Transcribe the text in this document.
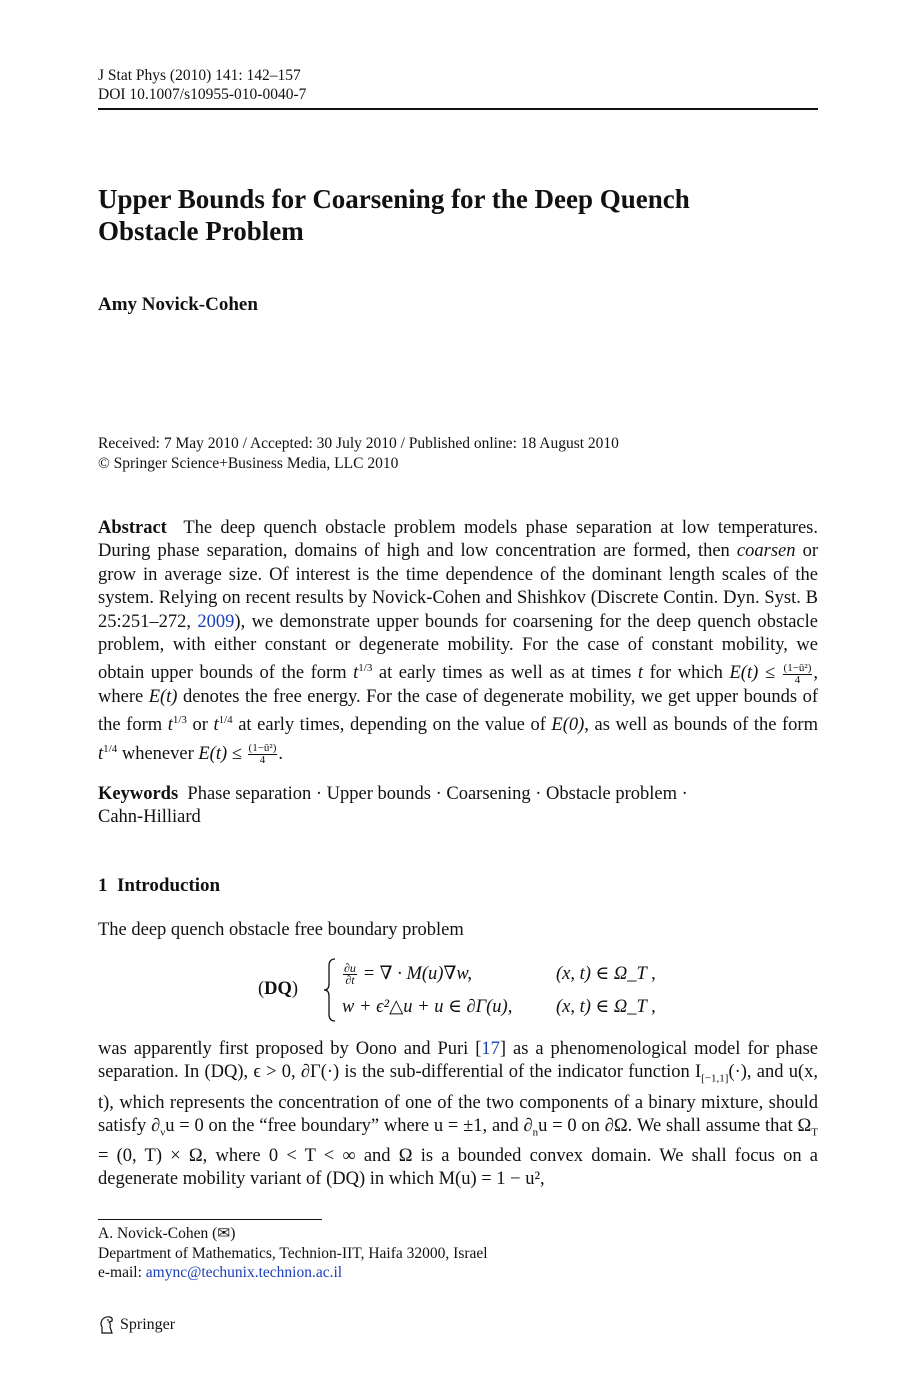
J Stat Phys (2010) 141: 142–157
DOI 10.1007/s10955-010-0040-7
Upper Bounds for Coarsening for the Deep Quench
Obstacle Problem
Amy Novick-Cohen
Received: 7 May 2010 / Accepted: 30 July 2010 / Published online: 18 August 2010
© Springer Science+Business Media, LLC 2010
Abstract The deep quench obstacle problem models phase separation at low temperatures. During phase separation, domains of high and low concentration are formed, then coarsen or grow in average size. Of interest is the time dependence of the dominant length scales of the system. Relying on recent results by Novick-Cohen and Shishkov (Discrete Contin. Dyn. Syst. B 25:251–272, 2009), we demonstrate upper bounds for coarsening for the deep quench obstacle problem, with either constant or degenerate mobility. For the case of constant mobility, we obtain upper bounds of the form $t^{1/3}$ at early times as well as at times t for which $E(t) \le \frac{\text{(1−ū²)}}{4}$ , where E(t) denotes the free energy. For the case of degenerate mobility, we get upper bounds of the form $t^{1/3}$ or $t^{1/4}$ at early times, depending on the value of E(0), as well as bounds of the form $t^{1/4}$ whenever $E(t) \le \frac{\text{(1−ū²)}}{4}$ .
Keywords Phase separation · Upper bounds · Coarsening · Obstacle problem ·
Cahn-Hilliard
1 Introduction
The deep quench obstacle free boundary problem
(DQ)
$\frac{\partial u}{\partial t}$ = ∇ · M(u)∇w,
w + ϵ²△u + u ∈ ∂Γ(u),
(x, t) ∈ Ω_T ,
(x, t) ∈ Ω_T ,
was apparently first proposed by Oono and Puri [17] as a phenomenological model for phase separation. In (DQ), ϵ > 0, ∂Γ(·) is the sub-differential of the indicator function $I_{[-1,1]}(\cdot)$, and u(x, t), which represents the concentration of one of the two components of a binary mixture, should satisfy $\partial_\nu u = 0$ on the “free boundary” where u = ±1, and $\partial_nu = 0$ on ∂Ω. We shall assume that $\Omega_T = (0$, T) × Ω, where 0 < T < ∞ and Ω is a bounded convex domain. We shall focus on a degenerate mobility variant of (DQ) in which M(u) = 1 − u²,
A. Novick-Cohen (✉)
Department of Mathematics, Technion-IIT, Haifa 32000, Israel
e-mail: amync@techunix.technion.ac.il
Springer
